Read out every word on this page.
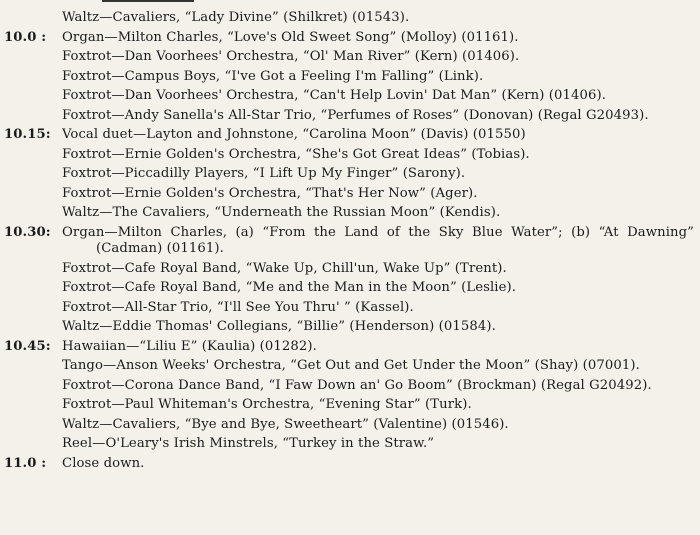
Waltz—Cavaliers, “Lady Divine” (Shilkret) (01543).
10.0 :	Organ—Milton Charles, “Love's Old Sweet Song” (Molloy) (01161).
Foxtrot—Dan Voorhees' Orchestra, “Ol' Man River” (Kern) (01406).
Foxtrot—Campus Boys, “I've Got a Feeling I'm Falling” (Link).
Foxtrot—Dan Voorhees' Orchestra, “Can't Help Lovin' Dat Man” (Kern) (01406).
Foxtrot—Andy Sanella's All-Star Trio, “Perfumes of Roses” (Donovan) (Regal G20493).
10.15: Vocal duet—Layton and Johnstone, “Carolina Moon” (Davis) (01550)
Foxtrot—Ernie Golden's Orchestra, “She's Got Great Ideas” (Tobias).
Foxtrot—Piccadilly Players, “I Lift Up My Finger” (Sarony).
Foxtrot—Ernie Golden's Orchestra, “That's Her Now” (Ager).
Waltz—The Cavaliers, “Underneath the Russian Moon” (Kendis).
10.30: Organ—Milton Charles, (a) “From the Land of the Sky Blue Water”; (b) “At Dawning” (Cadman) (01161).
Foxtrot—Cafe Royal Band, “Wake Up, Chill'un, Wake Up” (Trent).
Foxtrot—Cafe Royal Band, “Me and the Man in the Moon” (Leslie).
Foxtrot—All-Star Trio, “I'll See You Thru' ” (Kassel).
Waltz—Eddie Thomas' Collegians, “Billie” (Henderson) (01584).
10.45: Hawaiian—“Liliu E” (Kaulia) (01282).
Tango—Anson Weeks' Orchestra, “Get Out and Get Under the Moon” (Shay) (07001).
Foxtrot—Corona Dance Band, “I Faw Down an' Go Boom” (Brockman) (Regal G20492).
Foxtrot—Paul Whiteman's Orchestra, “Evening Star” (Turk).
Waltz—Cavaliers, “Bye and Bye, Sweetheart” (Valentine) (01546).
Reel—O'Leary's Irish Minstrels, “Turkey in the Straw.”
11.0 :	Close down.
